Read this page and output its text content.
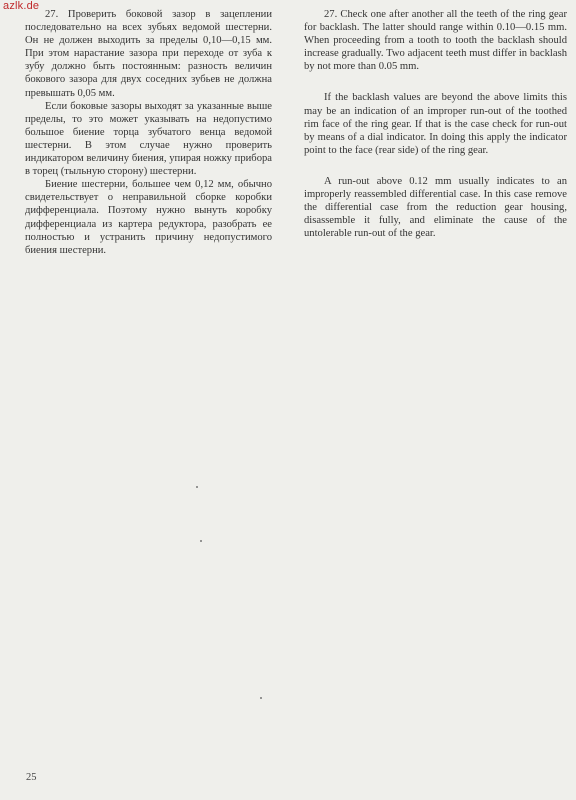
azlk.de

27. Проверить боковой зазор в зацеплении последовательно на всех зубьях ведомой шестерни. Он не должен выходить за пределы 0,10—0,15 мм. При этом нарастание зазора при переходе от зуба к зубу должно быть постоянным: разность величин бокового зазора для двух соседних зубьев не должна превышать 0,05 мм.

Если боковые зазоры выходят за указанные выше пределы, то это может указывать на недопустимо большое биение торца зубчатого венца ведомой шестерни. В этом случае нужно проверить индикатором величину биения, упирая ножку прибора в торец (тыльную сторону) шестерни.

Биение шестерни, большее чем 0,12 мм, обычно свидетельствует о неправильной сборке коробки дифференциала. Поэтому нужно вынуть коробку дифференциала из картера редуктора, разобрать ее полностью и устранить причину недопустимого биения шестерни.

27. Check one after another all the teeth of the ring gear for backlash. The latter should range within 0.10—0.15 mm. When proceeding from a tooth to tooth the backlash should increase gradually. Two adjacent teeth must differ in backlash by not more than 0.05 mm.

If the backlash values are beyond the above limits this may be an indication of an improper run-out of the toothed rim face of the ring gear. If that is the case check for run-out by means of a dial indicator. In doing this apply the indicator point to the face (rear side) of the ring gear.

A run-out above 0.12 mm usually indicates to an improperly reassembled differential case. In this case remove the differential case from the reduction gear housing, disassemble it fully, and eliminate the cause of the untolerable run-out of the gear.

25
